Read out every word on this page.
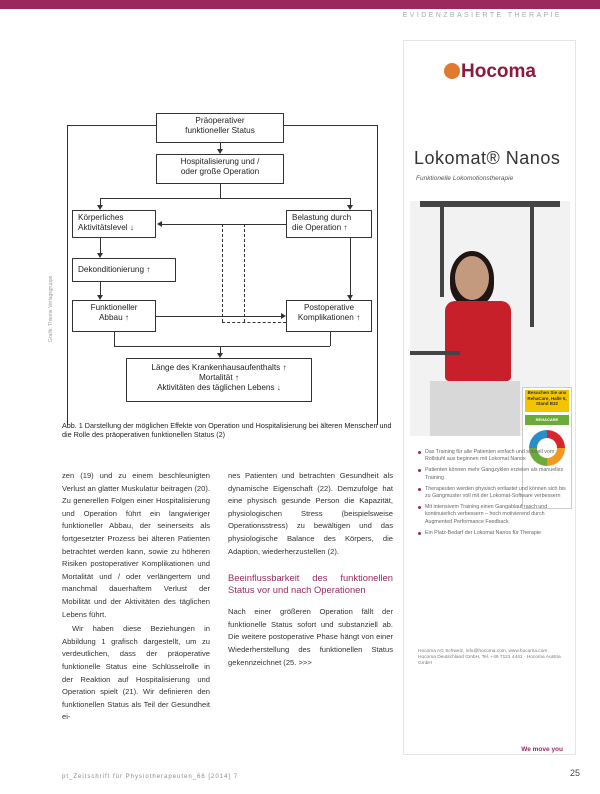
EVIDENZBASIERTE THERAPIE
Präoperativer
funktioneller Status
Hospitalisierung und / oder große Operation
Körperliches
Aktivitätslevel ↓
Belastung durch
die Operation ↑
Dekonditionierung ↑
Funktioneller
Abbau ↑
Postoperative
Komplikationen ↑
Länge des Krankenhausaufenthalts ↑
Mortalität ↑
Aktivitäten des täglichen Lebens ↓
Grafik: Thieme Verlagsgruppe
Abb. 1 Darstellung der möglichen Effekte von Operation und Hospitalisierung bei älteren Menschen und die Rolle des präoperativen funktionellen Status (2)

zen (19) und zu einem beschleunigten Verlust an glatter Muskulatur beitragen (20). Zu generellen Folgen einer Hospitalisierung und Operation führt ein langwieriger funktioneller Abbau, der seinerseits als fortgesetzter Prozess bei älteren Patienten betrachtet werden kann, sowie zu höheren Risiken postoperativer Komplikationen und Mortalität und / oder verlängertem und manchmal dauerhaftem Verlust der Mobilität und der Aktivitäten des täglichen Lebens führt.

Wir haben diese Beziehungen in Abbildung 1 grafisch dargestellt, um zu verdeutlichen, dass der präoperative funktionelle Status eine Schlüsselrolle in der Reaktion auf Hospitalisierung und Operation spielt (21). Wir definieren den funktionellen Status als Teil der Gesundheit ei-

nes Patienten und betrachten Gesundheit als dynamische Eigenschaft (22). Demzufolge hat eine physisch gesunde Person die Kapazität, physiologischen Stress (beispielsweise Operationsstress) zu bewältigen und das physiologische Balance des Körpers, die Adaption, wiederherzustellen (2).

Beeinflussbarkeit des funktionellen Status vor und nach Operationen

Nach einer größeren Operation fällt der funktionelle Status sofort und substanziell ab. Die weitere postoperative Phase hängt von einer Wiederherstellung des funktionellen Status gekennzeichnet (25. >>>

pt_Zeitschrift für Physiotherapeuten_66 [2014] 7	25
Hocoma
Lokomat® Nanos
Funktionelle Lokomotionstherapie
Besuchen Sie uns
RehaCare, Halle 5,
Stand B32
REHACARE
Das Training für alle Patienten einfach und schnell vom Rollstuhl aus beginnen mit Lokomat Nanos
Patienten können mehr Gangzyklen erzielen als manuelles Training
Therapeuten werden physisch entlastet und können sich bis zu Gangmuster voll mit der Lokomat-Software verbessern
Mit intensivem Training einen Gangablauf rasch und kontinuierlich verbessern – hoch motivierend durch Augmented Performance Feedback
Ein Platz-Bedarf der Lokomat Nanos für Therapie
Hocoma AG Schweiz, info@hocoma.com, www.hocoma.com · Hocoma Deutschland GmbH, Tel. +49 7121 4441 · Hocoma Austria GmbH
We move you
